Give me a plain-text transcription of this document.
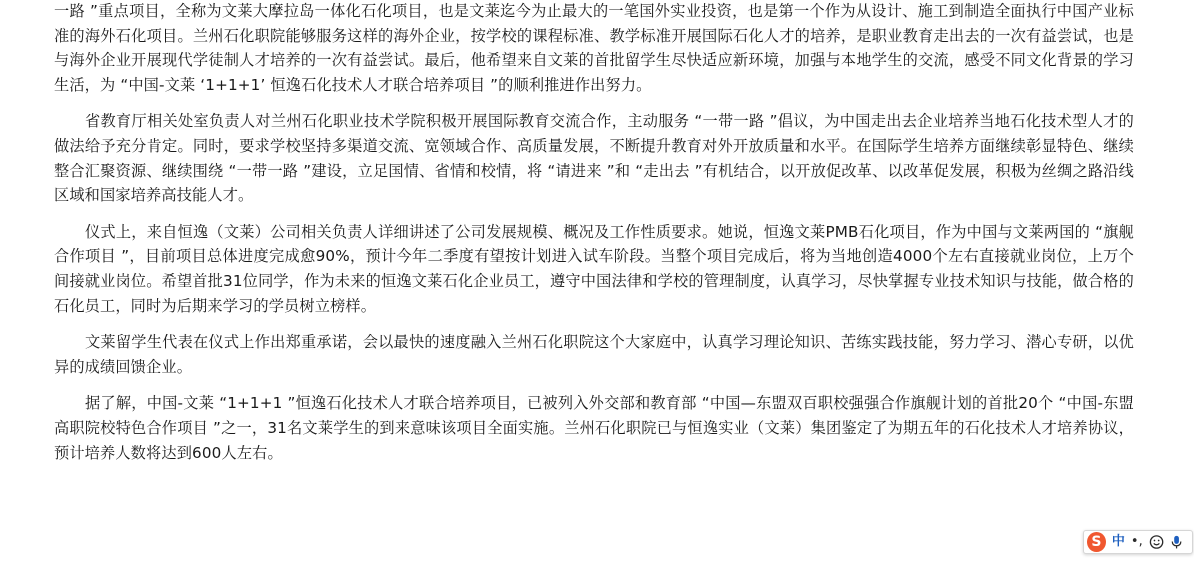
一路 ”重点项目，全称为文莱大摩拉岛一体化石化项目，也是文莱迄今为止最大的一笔国外实业投资，也是第一个作为从设计、施工到制造全面执行中国产业标准的海外石化项目。兰州石化职院能够服务这样的海外企业，按学校的课程标准、教学标准开展国际石化人才的培养，是职业教育走出去的一次有益尝试，也是与海外企业开展现代学徒制人才培养的一次有益尝试。最后，他希望来自文莱的首批留学生尽快适应新环境，加强与本地学生的交流，感受不同文化背景的学习生活，为 “中国-文莱 ‘1+1+1’ 恒逸石化技术人才联合培养项目 ”的顺利推进作出努力。

省教育厅相关处室负责人对兰州石化职业技术学院积极开展国际教育交流合作，主动服务 “一带一路 ”倡议，为中国走出去企业培养当地石化技术型人才的做法给予充分肯定。同时，要求学校坚持多渠道交流、宽领域合作、高质量发展，不断提升教育对外开放质量和水平。在国际学生培养方面继续彰显特色、继续整合汇聚资源、继续围绕 “一带一路 ”建设，立足国情、省情和校情，将 “请进来 ”和 “走出去 ”有机结合，以开放促改革、以改革促发展，积极为丝绸之路沿线区域和国家培养高技能人才。

仪式上，来自恒逸（文莱）公司相关负责人详细讲述了公司发展规模、概况及工作性质要求。她说，恒逸文莱PMB石化项目，作为中国与文莱两国的 “旗舰合作项目 ”，目前项目总体进度完成愈90%，预计今年二季度有望按计划进入试车阶段。当整个项目完成后，将为当地创造4000个左右直接就业岗位，上万个间接就业岗位。希望首批31位同学，作为未来的恒逸文莱石化企业员工，遵守中国法律和学校的管理制度，认真学习，尽快掌握专业技术知识与技能，做合格的石化员工，同时为后期来学习的学员树立榜样。

文莱留学生代表在仪式上作出郑重承诺，会以最快的速度融入兰州石化职院这个大家庭中，认真学习理论知识、苦练实践技能，努力学习、潜心专研，以优异的成绩回馈企业。

据了解，中国-文莱 “1+1+1 ”恒逸石化技术人才联合培养项目，已被列入外交部和教育部 “中国—东盟双百职校强强合作旗舰计划的首批20个 “中国-东盟高职院校特色合作项目 ”之一，31名文莱学生的到来意味该项目全面实施。兰州石化职院已与恒逸实业（文莱）集团鉴定了为期五年的石化技术人才培养协议，预计培养人数将达到600人左右。

S 中 •,
